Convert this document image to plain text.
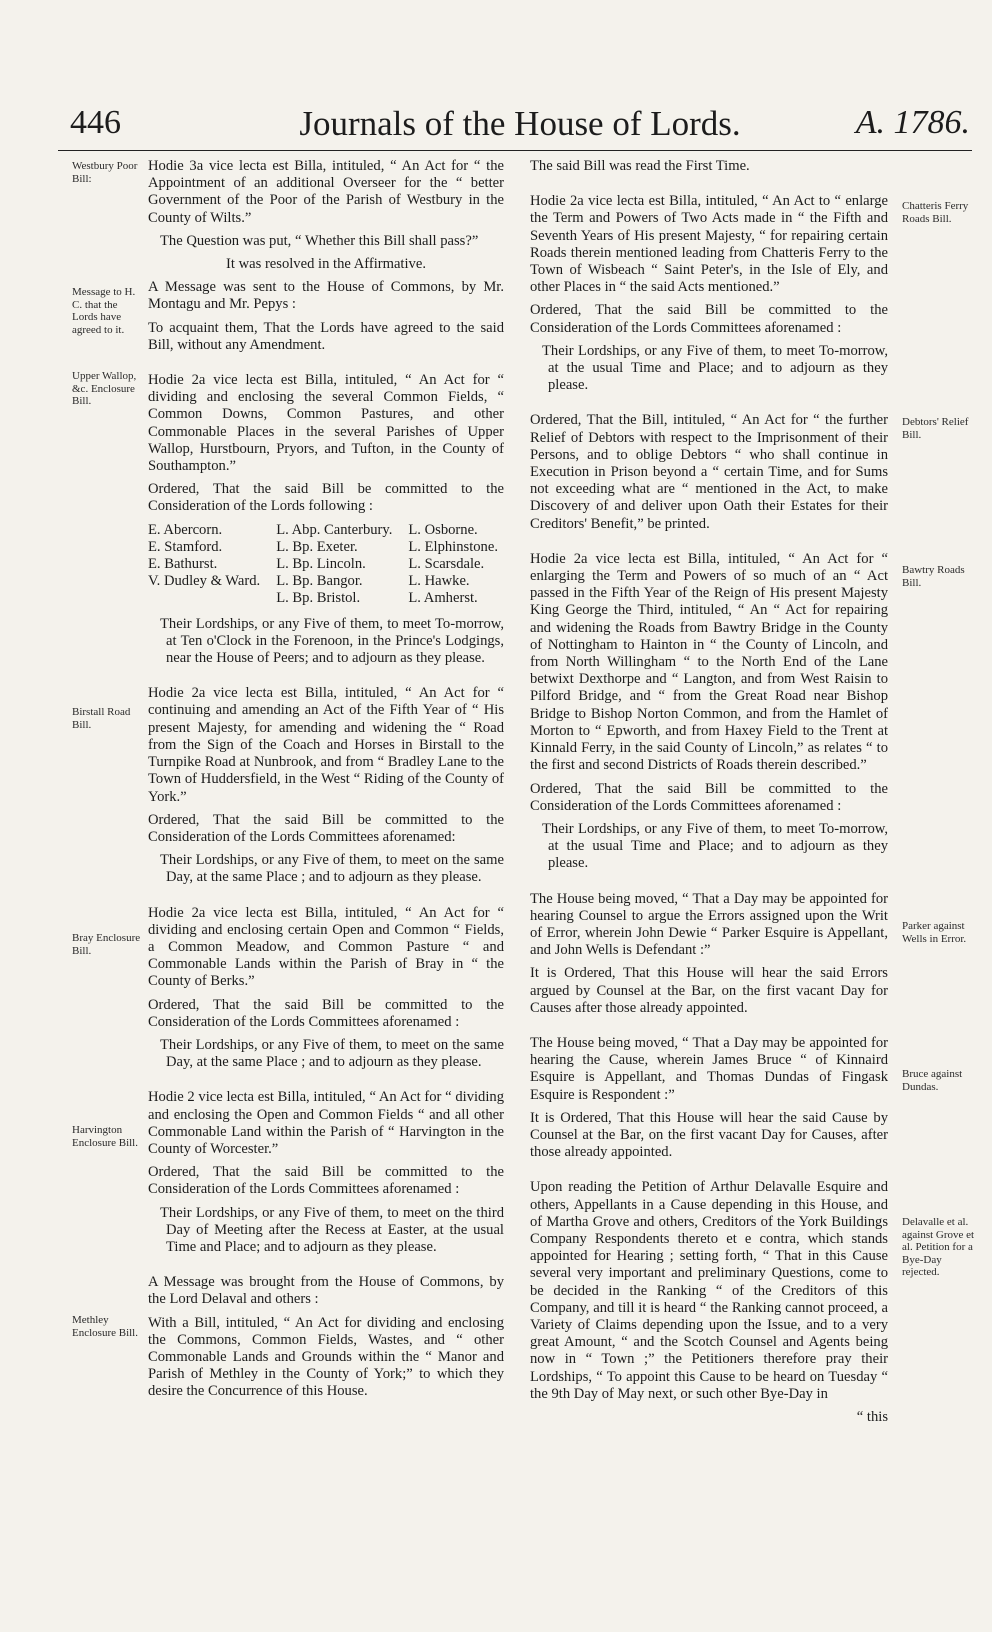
Journals of the House of Lords.
446	A. 1786.
Westbury Poor Bill:
Message to H. C. that the Lords have agreed to it.
Upper Wallop, &c. Enclosure Bill.
Birstall Road Bill.
Bray Enclosure Bill.
Harvington Enclosure Bill.
Methley Enclosure Bill.
Chatteris Ferry Roads Bill.
Debtors' Relief Bill.
Bawtry Roads Bill.
Parker against Wells in Error.
Bruce against Dundas.
Delavalle et al. against Grove et al. Petition for a Bye-Day rejected.

Hodie 3a vice lecta est Billa, intituled, “ An Act for “ the Appointment of an additional Overseer for the “ better Government of the Poor of the Parish of Westbury in the County of Wilts.”

The Question was put, “ Whether this Bill shall pass?”

It was resolved in the Affirmative.

A Message was sent to the House of Commons, by Mr. Montagu and Mr. Pepys :

To acquaint them, That the Lords have agreed to the said Bill, without any Amendment.

Hodie 2a vice lecta est Billa, intituled, “ An Act for “ dividing and enclosing the several Common Fields, “ Common Downs, Common Pastures, and other Commonable Places in the several Parishes of Upper Wallop, Hurstbourn, Pryors, and Tufton, in the County of Southampton.”

Ordered, That the said Bill be committed to the Consideration of the Lords following :

E. Abercorn.
E. Stamford.
E. Bathurst.
V. Dudley & Ward.
L. Abp. Canterbury.
L. Bp. Exeter.
L. Bp. Lincoln.
L. Bp. Bangor.
L. Bp. Bristol.
L. Osborne.
L. Elphinstone.
L. Scarsdale.
L. Hawke.
L. Amherst.

Their Lordships, or any Five of them, to meet To-morrow, at Ten o'Clock in the Forenoon, in the Prince's Lodgings, near the House of Peers; and to adjourn as they please.

Hodie 2a vice lecta est Billa, intituled, “ An Act for “ continuing and amending an Act of the Fifth Year of “ His present Majesty, for amending and widening the “ Road from the Sign of the Coach and Horses in Birstall to the Turnpike Road at Nunbrook, and from “ Bradley Lane to the Town of Huddersfield, in the West “ Riding of the County of York.”

Ordered, That the said Bill be committed to the Consideration of the Lords Committees aforenamed:

Their Lordships, or any Five of them, to meet on the same Day, at the same Place ; and to adjourn as they please.

Hodie 2a vice lecta est Billa, intituled, “ An Act for “ dividing and enclosing certain Open and Common “ Fields, a Common Meadow, and Common Pasture “ and Commonable Lands within the Parish of Bray in “ the County of Berks.”

Ordered, That the said Bill be committed to the Consideration of the Lords Committees aforenamed :

Their Lordships, or any Five of them, to meet on the same Day, at the same Place ; and to adjourn as they please.

Hodie 2 vice lecta est Billa, intituled, “ An Act for “ dividing and enclosing the Open and Common Fields “ and all other Commonable Land within the Parish of “ Harvington in the County of Worcester.”

Ordered, That the said Bill be committed to the Consideration of the Lords Committees aforenamed :

Their Lordships, or any Five of them, to meet on the third Day of Meeting after the Recess at Easter, at the usual Time and Place; and to adjourn as they please.

A Message was brought from the House of Commons, by the Lord Delaval and others :

With a Bill, intituled, “ An Act for dividing and enclosing the Commons, Common Fields, Wastes, and “ other Commonable Lands and Grounds within the “ Manor and Parish of Methley in the County of York;” to which they desire the Concurrence of this House.

The said Bill was read the First Time.

Hodie 2a vice lecta est Billa, intituled, “ An Act to “ enlarge the Term and Powers of Two Acts made in “ the Fifth and Seventh Years of His present Majesty, “ for repairing certain Roads therein mentioned leading from Chatteris Ferry to the Town of Wisbeach “ Saint Peter's, in the Isle of Ely, and other Places in “ the said Acts mentioned.”

Ordered, That the said Bill be committed to the Consideration of the Lords Committees aforenamed :

Their Lordships, or any Five of them, to meet To-morrow, at the usual Time and Place; and to adjourn as they please.

Ordered, That the Bill, intituled, “ An Act for “ the further Relief of Debtors with respect to the Imprisonment of their Persons, and to oblige Debtors “ who shall continue in Execution in Prison beyond a “ certain Time, and for Sums not exceeding what are “ mentioned in the Act, to make Discovery of and deliver upon Oath their Estates for their Creditors' Benefit,” be printed.

Hodie 2a vice lecta est Billa, intituled, “ An Act for “ enlarging the Term and Powers of so much of an “ Act passed in the Fifth Year of the Reign of His present Majesty King George the Third, intituled, “ An “ Act for repairing and widening the Roads from Bawtry Bridge in the County of Nottingham to Hainton in “ the County of Lincoln, and from North Willingham “ to the North End of the Lane betwixt Dexthorpe and “ Langton, and from West Raisin to Pilford Bridge, and “ from the Great Road near Bishop Bridge to Bishop Norton Common, and from the Hamlet of Morton to “ Epworth, and from Haxey Field to the Trent at Kinnald Ferry, in the said County of Lincoln,” as relates “ to the first and second Districts of Roads therein described.”

Ordered, That the said Bill be committed to the Consideration of the Lords Committees aforenamed :

Their Lordships, or any Five of them, to meet To-morrow, at the usual Time and Place; and to adjourn as they please.

The House being moved, “ That a Day may be appointed for hearing Counsel to argue the Errors assigned upon the Writ of Error, wherein John Dewie “ Parker Esquire is Appellant, and John Wells is Defendant :”

It is Ordered, That this House will hear the said Errors argued by Counsel at the Bar, on the first vacant Day for Causes after those already appointed.

The House being moved, “ That a Day may be appointed for hearing the Cause, wherein James Bruce “ of Kinnaird Esquire is Appellant, and Thomas Dundas of Fingask Esquire is Respondent :”

It is Ordered, That this House will hear the said Cause by Counsel at the Bar, on the first vacant Day for Causes, after those already appointed.

Upon reading the Petition of Arthur Delavalle Esquire and others, Appellants in a Cause depending in this House, and of Martha Grove and others, Creditors of the York Buildings Company Respondents thereto et e contra, which stands appointed for Hearing ; setting forth, “ That in this Cause several very important and preliminary Questions, come to be decided in the Ranking “ of the Creditors of this Company, and till it is heard “ the Ranking cannot proceed, a Variety of Claims depending upon the Issue, and to a very great Amount, “ and the Scotch Counsel and Agents being now in “ Town ;” the Petitioners therefore pray their Lordships, “ To appoint this Cause to be heard on Tuesday “ the 9th Day of May next, or such other Bye-Day in

“ this
